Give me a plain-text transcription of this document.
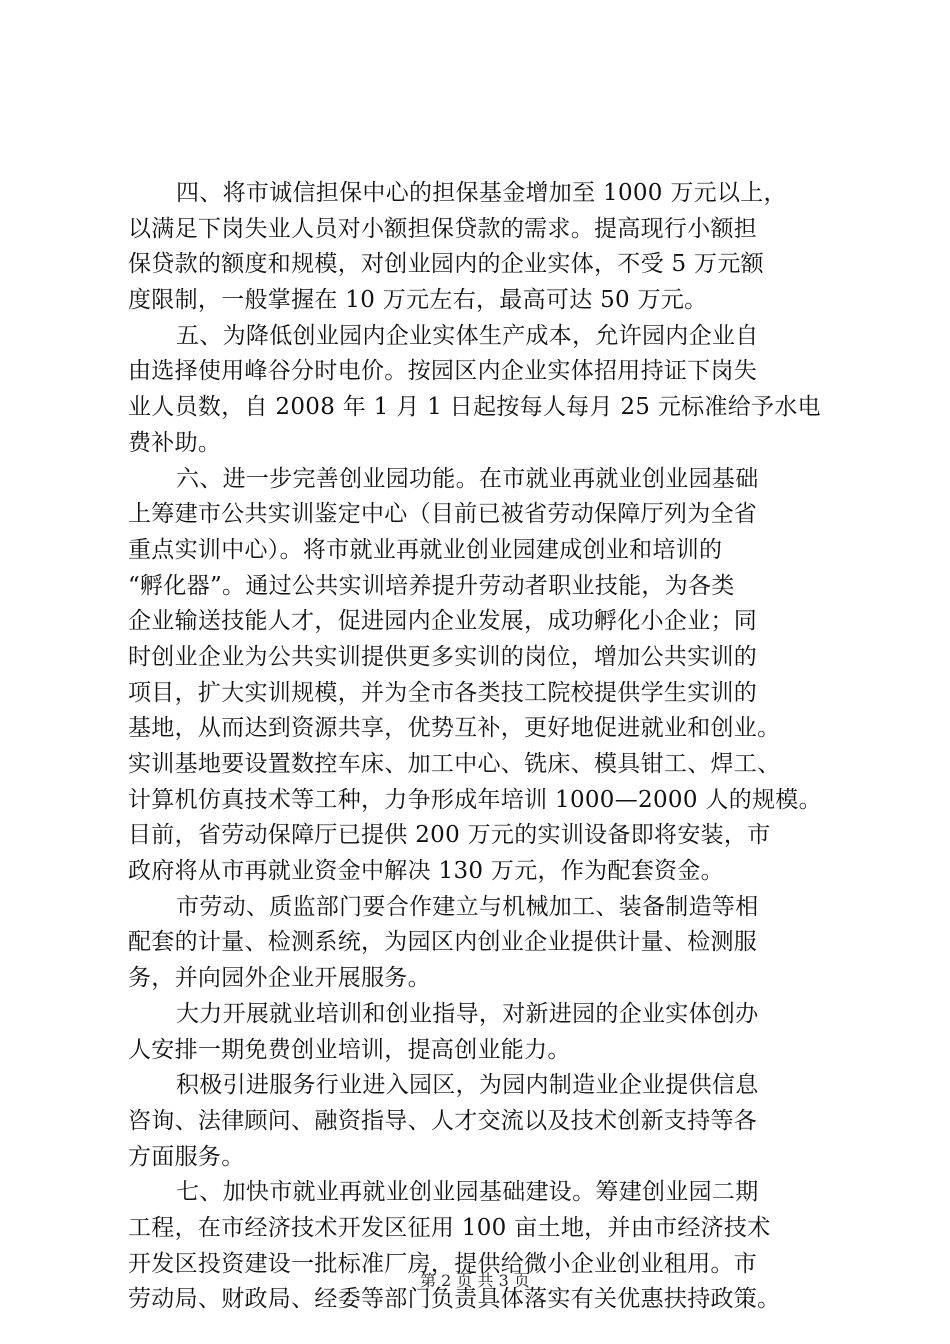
四、将市诚信担保中心的担保基金增加至 1000 万元以上，
以满足下岗失业人员对小额担保贷款的需求。提高现行小额担
保贷款的额度和规模，对创业园内的企业实体，不受 5 万元额
度限制，一般掌握在 10 万元左右，最高可达 50 万元。
五、为降低创业园内企业实体生产成本，允许园内企业自
由选择使用峰谷分时电价。按园区内企业实体招用持证下岗失
业人员数，自 2008 年 1 月 1 日起按每人每月 25 元标准给予水电
费补助。
六、进一步完善创业园功能。在市就业再就业创业园基础
上筹建市公共实训鉴定中心（目前已被省劳动保障厅列为全省
重点实训中心）。将市就业再就业创业园建成创业和培训的
“孵化器”。通过公共实训培养提升劳动者职业技能，为各类
企业输送技能人才，促进园内企业发展，成功孵化小企业；同
时创业企业为公共实训提供更多实训的岗位，增加公共实训的
项目，扩大实训规模，并为全市各类技工院校提供学生实训的
基地，从而达到资源共享，优势互补，更好地促进就业和创业。
实训基地要设置数控车床、加工中心、铣床、模具钳工、焊工、
计算机仿真技术等工种，力争形成年培训 1000—2000 人的规模。
目前，省劳动保障厅已提供 200 万元的实训设备即将安装，市
政府将从市再就业资金中解决 130 万元，作为配套资金。
市劳动、质监部门要合作建立与机械加工、装备制造等相
配套的计量、检测系统，为园区内创业企业提供计量、检测服
务，并向园外企业开展服务。
大力开展就业培训和创业指导，对新进园的企业实体创办
人安排一期免费创业培训，提高创业能力。
积极引进服务行业进入园区，为园内制造业企业提供信息
咨询、法律顾问、融资指导、人才交流以及技术创新支持等各
方面服务。
七、加快市就业再就业创业园基础建设。筹建创业园二期
工程，在市经济技术开发区征用 100 亩土地，并由市经济技术
开发区投资建设一批标准厂房，提供给微小企业创业租用。市
劳动局、财政局、经委等部门负责具体落实有关优惠扶持政策。
第 2 页 共 3 页
